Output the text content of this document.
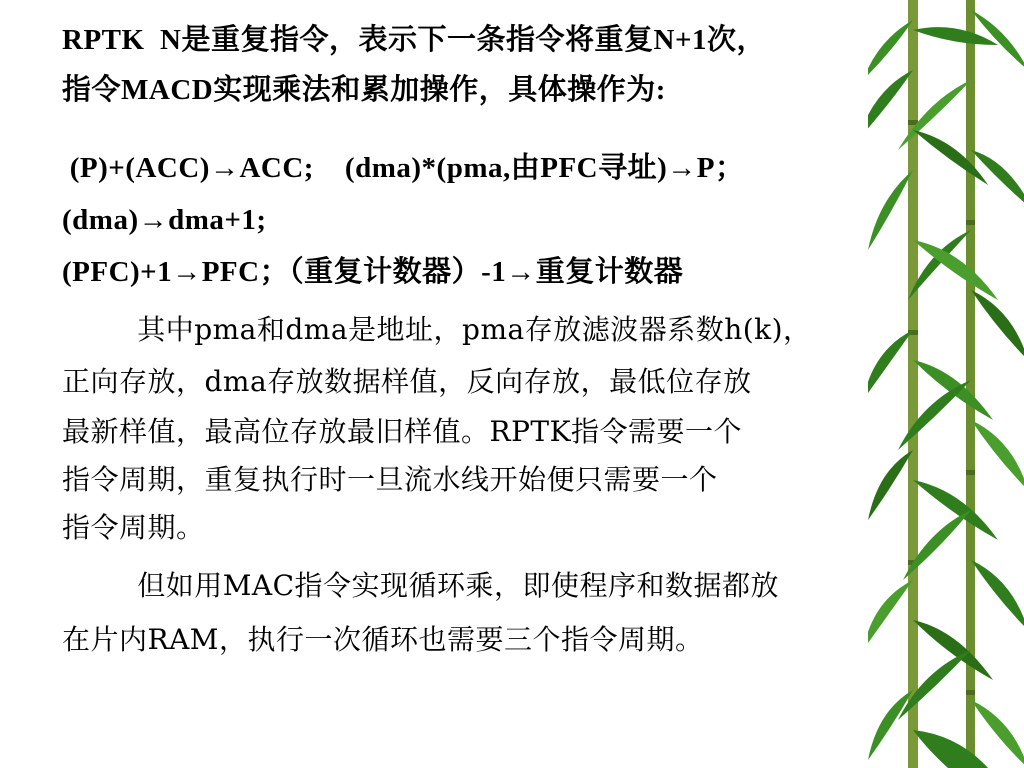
RPTK  N是重复指令，表示下一条指令将重复N+1次，
指令MACD实现乘法和累加操作，具体操作为:
(P)+(ACC)→ACC;    (dma)*(pma,由PFC寻址)→P；
(dma)→dma+1;
(PFC)+1→PFC；（重复计数器）-1→重复计数器
其中pma和dma是地址，pma存放滤波器系数h(k)，
正向存放，dma存放数据样值，反向存放，最低位存放
最新样值，最高位存放最旧样值。RPTK指令需要一个
指令周期，重复执行时一旦流水线开始便只需要一个
指令周期。
但如用MAC指令实现循环乘，即使程序和数据都放
在片内RAM，执行一次循环也需要三个指令周期。
